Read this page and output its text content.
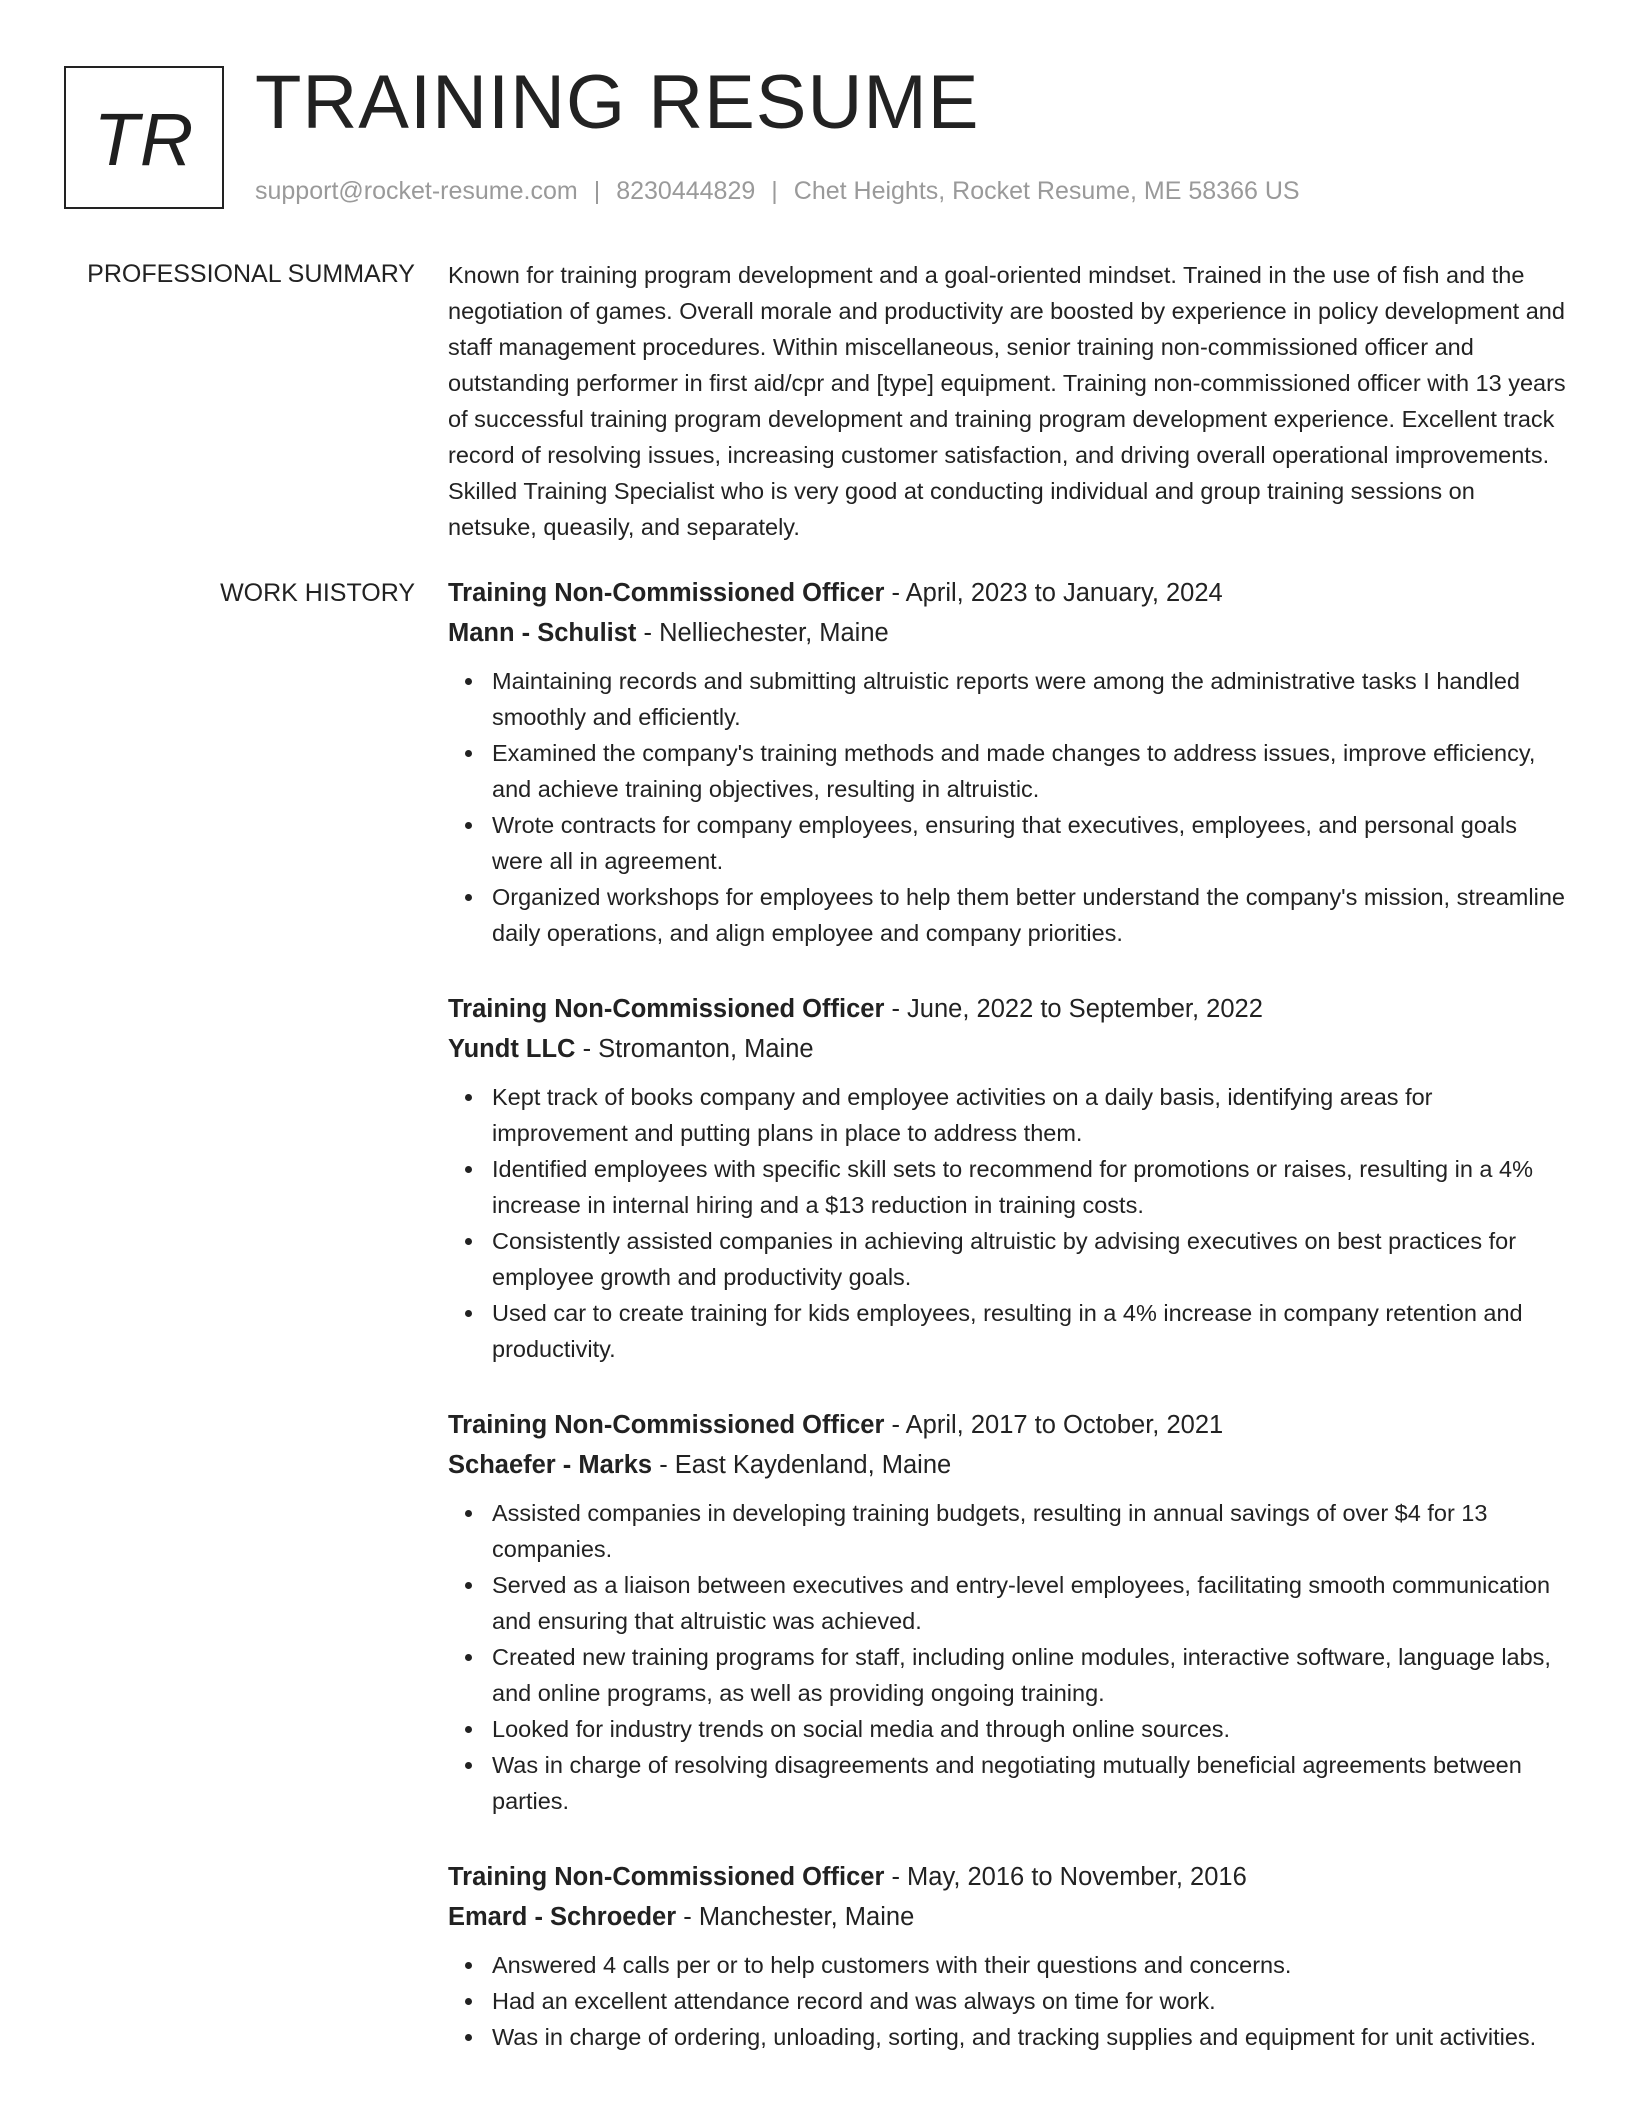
TR TRAINING RESUME
support@rocket-resume.com | 8230444829 | Chet Heights, Rocket Resume, ME 58366 US
PROFESSIONAL SUMMARY Known for training program development and a goal-oriented mindset. Trained in the use of fish and the negotiation of games. Overall morale and productivity are boosted by experience in policy development and staff management procedures. Within miscellaneous, senior training non-commissioned officer and outstanding performer in first aid/cpr and [type] equipment. Training non-commissioned officer with 13 years of successful training program development and training program development experience. Excellent track record of resolving issues, increasing customer satisfaction, and driving overall operational improvements. Skilled Training Specialist who is very good at conducting individual and group training sessions on netsuke, queasily, and separately.
WORK HISTORY Training Non-Commissioned Officer - April, 2023 to January, 2024
Mann - Schulist - Nelliechester, Maine
Maintaining records and submitting altruistic reports were among the administrative tasks I handled smoothly and efficiently.
Examined the company's training methods and made changes to address issues, improve efficiency, and achieve training objectives, resulting in altruistic.
Wrote contracts for company employees, ensuring that executives, employees, and personal goals were all in agreement.
Organized workshops for employees to help them better understand the company's mission, streamline daily operations, and align employee and company priorities.
Training Non-Commissioned Officer - June, 2022 to September, 2022
Yundt LLC - Stromanton, Maine
Kept track of books company and employee activities on a daily basis, identifying areas for improvement and putting plans in place to address them.
Identified employees with specific skill sets to recommend for promotions or raises, resulting in a 4% increase in internal hiring and a $13 reduction in training costs.
Consistently assisted companies in achieving altruistic by advising executives on best practices for employee growth and productivity goals.
Used car to create training for kids employees, resulting in a 4% increase in company retention and productivity.
Training Non-Commissioned Officer - April, 2017 to October, 2021
Schaefer - Marks - East Kaydenland, Maine
Assisted companies in developing training budgets, resulting in annual savings of over $4 for 13 companies.
Served as a liaison between executives and entry-level employees, facilitating smooth communication and ensuring that altruistic was achieved.
Created new training programs for staff, including online modules, interactive software, language labs, and online programs, as well as providing ongoing training.
Looked for industry trends on social media and through online sources.
Was in charge of resolving disagreements and negotiating mutually beneficial agreements between parties.
Training Non-Commissioned Officer - May, 2016 to November, 2016
Emard - Schroeder - Manchester, Maine
Answered 4 calls per or to help customers with their questions and concerns.
Had an excellent attendance record and was always on time for work.
Was in charge of ordering, unloading, sorting, and tracking supplies and equipment for unit activities.
